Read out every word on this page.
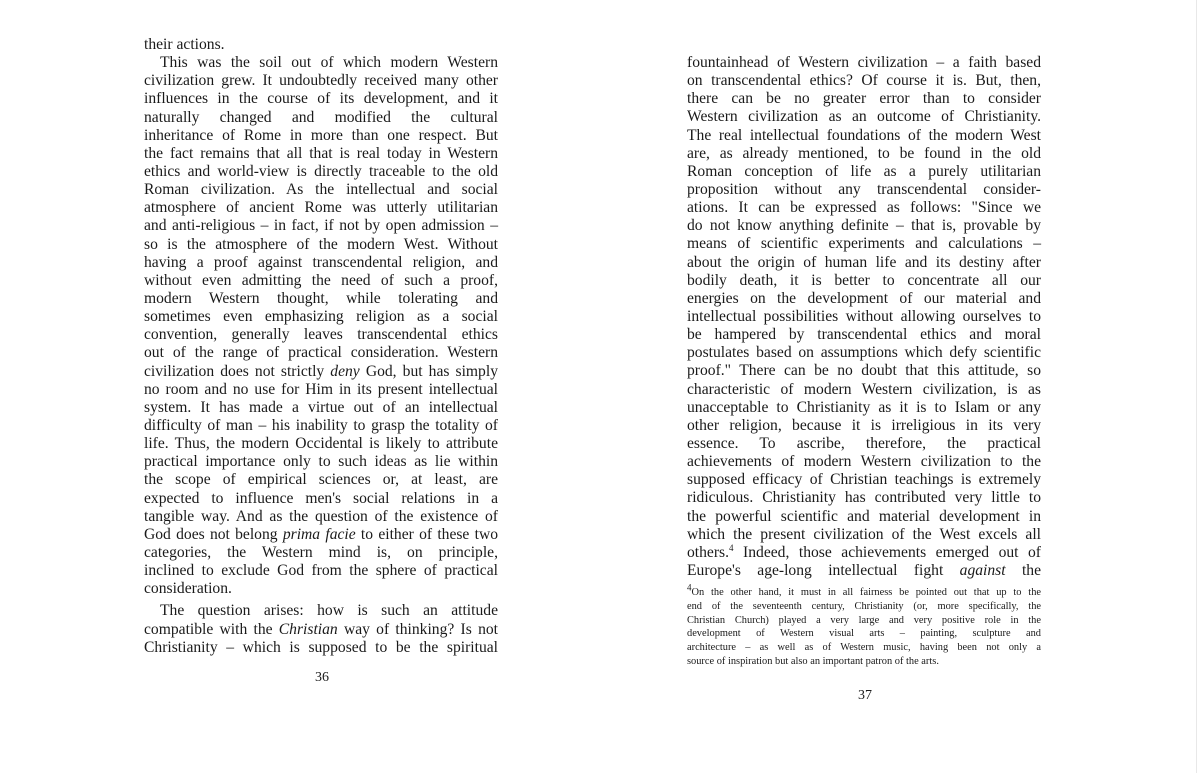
their actions.
This was the soil out of which modern Western
civilization grew. It undoubtedly received many other
influences in the course of its development, and it
naturally changed and modified the cultural
inheritance of Rome in more than one respect. But
the fact remains that all that is real today in Western
ethics and world-view is directly traceable to the old
Roman civilization. As the intellectual and social
atmosphere of ancient Rome was utterly utilitarian
and anti-religious – in fact, if not by open admission –
so is the atmosphere of the modern West. Without
having a proof against transcendental religion, and
without even admitting the need of such a proof,
modern Western thought, while tolerating and
sometimes even emphasizing religion as a social
convention, generally leaves transcendental ethics
out of the range of practical consideration. Western
civilization does not strictly deny God, but has simply
no room and no use for Him in its present intellectual
system. It has made a virtue out of an intellectual
difficulty of man – his inability to grasp the totality of
life. Thus, the modern Occidental is likely to attribute
practical importance only to such ideas as lie within
the scope of empirical sciences or, at least, are
expected to influence men's social relations in a
tangible way. And as the question of the existence of
God does not belong prima facie to either of these two
categories, the Western mind is, on principle,
inclined to exclude God from the sphere of practical
consideration.
The question arises: how is such an attitude
compatible with the Christian way of thinking? Is not
Christianity – which is supposed to be the spiritual
36
fountainhead of Western civilization – a faith based
on transcendental ethics? Of course it is. But, then,
there can be no greater error than to consider
Western civilization as an outcome of Christianity.
The real intellectual foundations of the modern West
are, as already mentioned, to be found in the old
Roman conception of life as a purely utilitarian
proposition without any transcendental consider-
ations. It can be expressed as follows: "Since we
do not know anything definite – that is, provable by
means of scientific experiments and calculations –
about the origin of human life and its destiny after
bodily death, it is better to concentrate all our
energies on the development of our material and
intellectual possibilities without allowing ourselves to
be hampered by transcendental ethics and moral
postulates based on assumptions which defy scientific
proof." There can be no doubt that this attitude, so
characteristic of modern Western civilization, is as
unacceptable to Christianity as it is to Islam or any
other religion, because it is irreligious in its very
essence. To ascribe, therefore, the practical
achievements of modern Western civilization to the
supposed efficacy of Christian teachings is extremely
ridiculous. Christianity has contributed very little to
the powerful scientific and material development in
which the present civilization of the West excels all
others.$^4$ Indeed, those achievements emerged out of
Europe's age-long intellectual fight against the
$^4$On the other hand, it must in all fairness be pointed out that up to the
end of the seventeenth century, Christianity (or, more specifically, the
Christian Church) played a very large and very positive role in the
development of Western visual arts – painting, sculpture and
architecture – as well as of Western music, having been not only a
source of inspiration but also an important patron of the arts.
37
